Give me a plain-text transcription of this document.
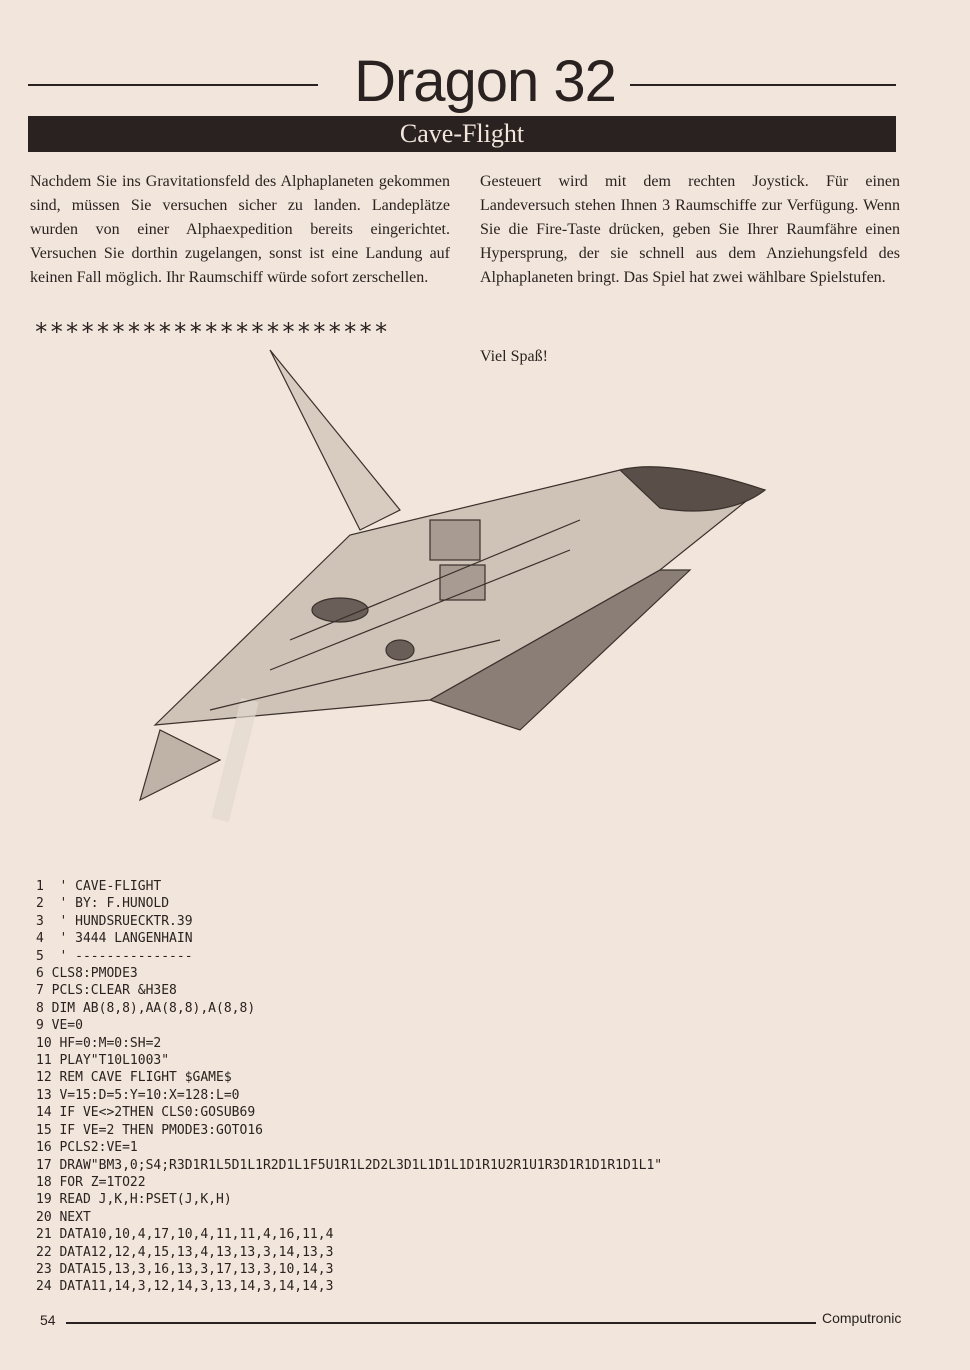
Dragon 32
Cave-Flight
Nachdem Sie ins Gravitationsfeld des Alphaplaneten gekommen sind, müssen Sie versuchen sicher zu landen. Landeplätze wurden von einer Alphaexpedition bereits eingerichtet. Versuchen Sie dorthin zugelangen, sonst ist eine Landung auf keinen Fall möglich. Ihr Raumschiff würde sofort zerschellen.
Gesteuert wird mit dem rechten Joystick. Für einen Landeversuch stehen Ihnen 3 Raumschiffe zur Verfügung. Wenn Sie die Fire-Taste drücken, geben Sie Ihrer Raumfähre einen Hypersprung, der sie schnell aus dem Anziehungsfeld des Alphaplaneten bringt. Das Spiel hat zwei wählbare Spielstufen.
***********************
Viel Spaß!
1  ' CAVE-FLIGHT
2  ' BY: F.HUNOLD
3  ' HUNDSRUECKTR.39
4  ' 3444 LANGENHAIN
5  ' ---------------
6 CLS8:PMODE3
7 PCLS:CLEAR &H3E8
8 DIM AB(8,8),AA(8,8),A(8,8)
9 VE=0
10 HF=0:M=0:SH=2
11 PLAY"T10L1003"
12 REM CAVE FLIGHT $GAME$
13 V=15:D=5:Y=10:X=128:L=0
14 IF VE<>2THEN CLS0:GOSUB69
15 IF VE=2 THEN PMODE3:GOTO16
16 PCLS2:VE=1
17 DRAW"BM3,0;S4;R3D1R1L5D1L1R2D1L1F5U1R1L2D2L3D1L1D1L1D1R1U2R1U1R3D1R1D1R1D1L1"
18 FOR Z=1TO22
19 READ J,K,H:PSET(J,K,H)
20 NEXT
21 DATA10,10,4,17,10,4,11,11,4,16,11,4
22 DATA12,12,4,15,13,4,13,13,3,14,13,3
23 DATA15,13,3,16,13,3,17,13,3,10,14,3
24 DATA11,14,3,12,14,3,13,14,3,14,14,3
54	Computronic
